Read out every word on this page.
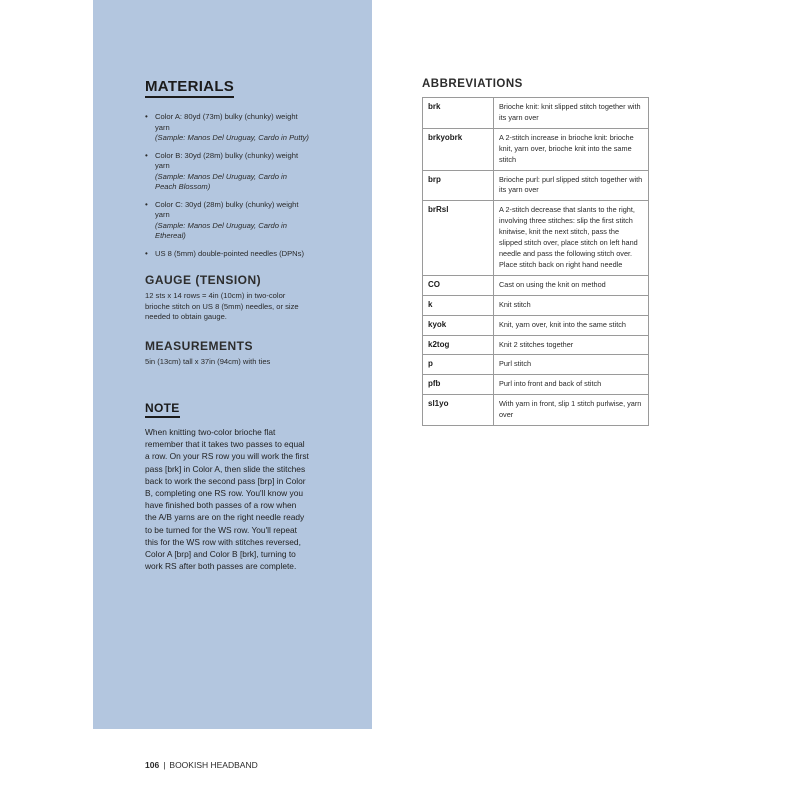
MATERIALS
• Color A: 80yd (73m) bulky (chunky) weight yarn
(Sample: Manos Del Uruguay, Cardo in Putty)
• Color B: 30yd (28m) bulky (chunky) weight yarn
(Sample: Manos Del Uruguay, Cardo in Peach Blossom)
• Color C: 30yd (28m) bulky (chunky) weight yarn
(Sample: Manos Del Uruguay, Cardo in Ethereal)
• US 8 (5mm) double-pointed needles (DPNs)
GAUGE (TENSION)

12 sts x 14 rows = 4in (10cm) in two-color brioche stitch on US 8 (5mm) needles, or size needed to obtain gauge.

MEASUREMENTS

5in (13cm) tall x 37in (94cm) with ties

NOTE

When knitting two-color brioche flat remember that it takes two passes to equal a row. On your RS row you will work the first pass [brk] in Color A, then slide the stitches back to work the second pass [brp] in Color B, completing one RS row. You'll know you have finished both passes of a row when the A/B yarns are on the right needle ready to be turned for the WS row. You'll repeat this for the WS row with stitches reversed, Color A [brp] and Color B [brk], turning to work RS after both passes are complete.

ABBREVIATIONS
brk	Brioche knit: knit slipped stitch together with its yarn over
brkyobrk	A 2-stitch increase in brioche knit: brioche knit, yarn over, brioche knit into the same stitch
brp	Brioche purl: purl slipped stitch together with its yarn over
brRsl	A 2-stitch decrease that slants to the right, involving three stitches: slip the first stitch knitwise, knit the next stitch, pass the slipped stitch over, place stitch on left hand needle and pass the following stitch over. Place stitch back on right hand needle
CO	Cast on using the knit on method
k	Knit stitch
kyok	Knit, yarn over, knit into the same stitch
k2tog	Knit 2 stitches together
p	Purl stitch
pfb	Purl into front and back of stitch
sl1yo	With yarn in front, slip 1 stitch purlwise, yarn over
106 | BOOKISH HEADBAND
